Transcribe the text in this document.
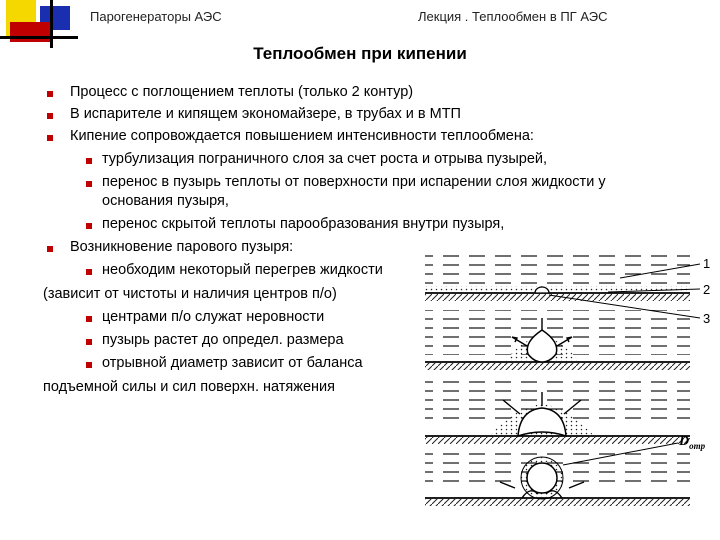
Парогенераторы АЭС	Лекция . Теплообмен в ПГ АЭС
Теплообмен при кипении
Процесс с поглощением теплоты (только 2 контур)
В испарителе и кипящем экономайзере, в трубах и в МТП
Кипение сопровождается повышением интенсивности теплообмена:
турбулизация пограничного слоя за счет роста и отрыва пузырей,
перенос в пузырь теплоты от поверхности при испарении слоя жидкости у
основания пузыря,
перенос скрытой теплоты парообразования внутри пузыря,
Возникновение парового пузыря:
необходим некоторый перегрев жидкости
(зависит от чистоты и наличия центров п/о)
центрами п/о служат неровности
пузырь растет до определ. размера
отрывной диаметр зависит от баланса
подъемной силы и сил поверхн. натяжения
1
2
3
$D_{отр}$
